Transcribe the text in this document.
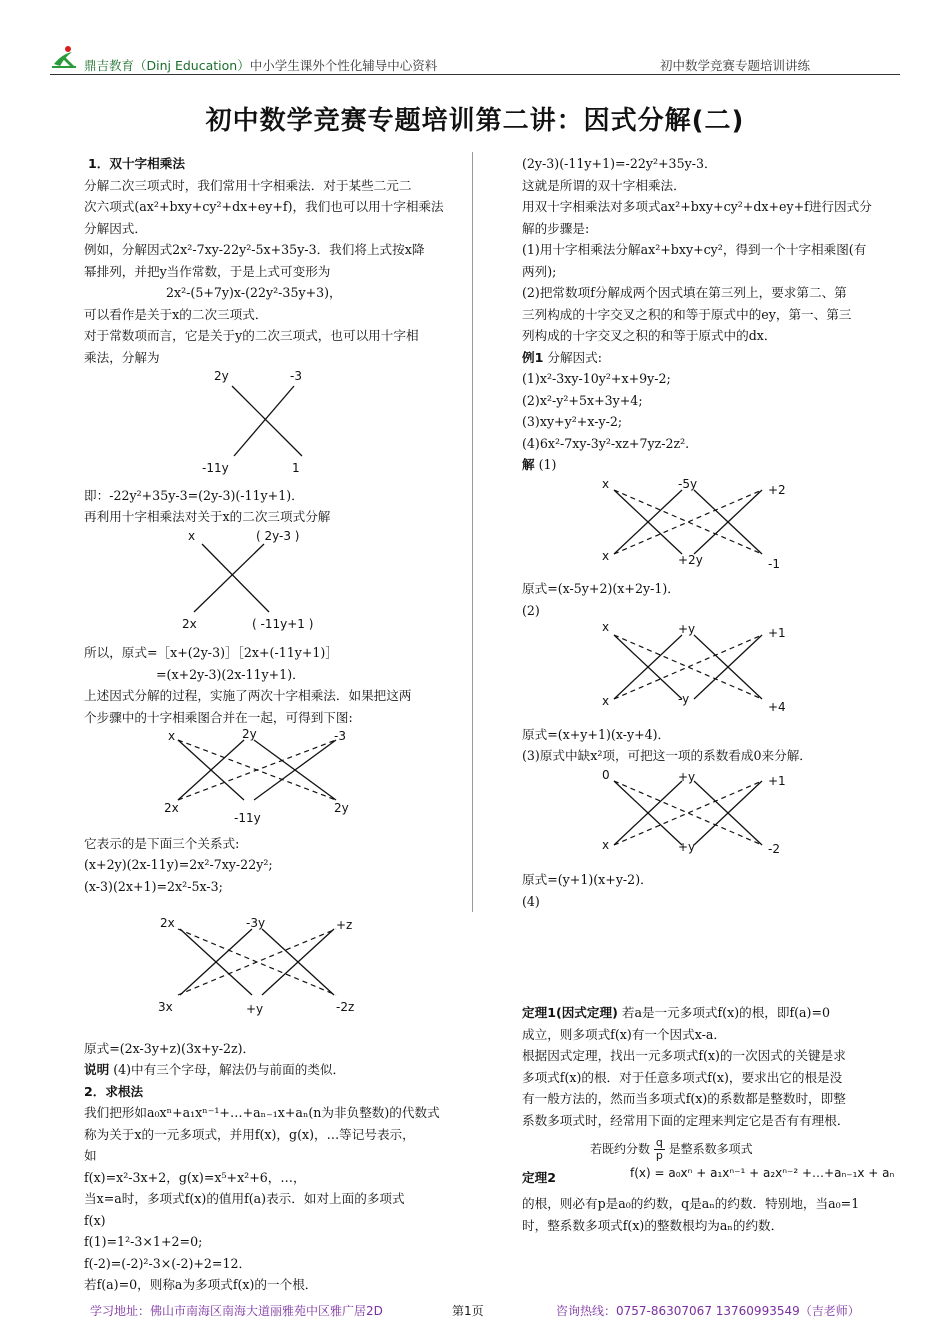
鼎吉教育（Dinj Education）中小学生课外个性化辅导中心资料	初中数学竞赛专题培训讲练
初中数学竞赛专题培训第二讲：因式分解(二)

1．双十字相乘法

分解二次三项式时，我们常用十字相乘法．对于某些二元二

次六项式(ax²+bxy+cy²+dx+ey+f)，我们也可以用十字相乘法

分解因式．

例如，分解因式2x²-7xy-22y²-5x+35y-3．我们将上式按x降

幂排列，并把y当作常数，于是上式可变形为

2x²-(5+7y)x-(22y²-35y+3)，

可以看作是关于x的二次三项式．

对于常数项而言，它是关于y的二次三项式，也可以用十字相

乘法，分解为

2y	-3
-11y	1

即：-22y²+35y-3=(2y-3)(-11y+1)．

再利用十字相乘法对关于x的二次三项式分解

x	( 2y-3 )
2x	( -11y+1 )

所以，原式=［x+(2y-3)］［2x+(-11y+1)］

=(x+2y-3)(2x-11y+1)．

上述因式分解的过程，实施了两次十字相乘法．如果把这两

个步骤中的十字相乘图合并在一起，可得到下图:

x	2y	-3
2x
-11y
2y

它表示的是下面三个关系式:

(x+2y)(2x-11y)=2x²-7xy-22y²;

(x-3)(2x+1)=2x²-5x-3;

2x	-3y	+z
3x	+y	-2z

原式=(2x-3y+z)(3x+y-2z)．

说明 (4)中有三个字母，解法仍与前面的类似．

2．求根法

我们把形如a₀xⁿ+a₁xⁿ⁻¹+…+aₙ₋₁x+aₙ(n为非负整数)的代数式

称为关于x的一元多项式，并用f(x)，g(x)，…等记号表示，

如

f(x)=x²-3x+2，g(x)=x⁵+x²+6，…，

当x=a时，多项式f(x)的值用f(a)表示．如对上面的多项式

f(x)

f(1)=1²-3×1+2=0;

f(-2)=(-2)²-3×(-2)+2=12．

若f(a)=0，则称a为多项式f(x)的一个根．

(2y-3)(-11y+1)=-22y²+35y-3．

这就是所谓的双十字相乘法．

用双十字相乘法对多项式ax²+bxy+cy²+dx+ey+f进行因式分

解的步骤是:

(1)用十字相乘法分解ax²+bxy+cy²，得到一个十字相乘图(有

两列);

(2)把常数项f分解成两个因式填在第三列上，要求第二、第

三列构成的十字交叉之积的和等于原式中的ey，第一、第三

列构成的十字交叉之积的和等于原式中的dx．

例1 分解因式:

(1)x²-3xy-10y²+x+9y-2;

(2)x²-y²+5x+3y+4;

(3)xy+y²+x-y-2;

(4)6x²-7xy-3y²-xz+7yz-2z².

解 (1)

x	-5y	+2
x	+2y	-1

原式=(x-5y+2)(x+2y-1)．

(2)

x	+y	+1
x	-y
+4

原式=(x+y+1)(x-y+4)．

(3)原式中缺x²项，可把这一项的系数看成0来分解．

0	+y	+1
x	+y	-2

原式=(y+1)(x+y-2)．

(4)

定理1(因式定理) 若a是一元多项式f(x)的根，即f(a)=0

成立，则多项式f(x)有一个因式x-a．

根据因式定理，找出一元多项式f(x)的一次因式的关键是求

多项式f(x)的根．对于任意多项式f(x)，要求出它的根是没

有一般方法的，然而当多项式f(x)的系数都是整数时，即整

系数多项式时，经常用下面的定理来判定它是否有有理根．

若既约分数 $\frac{q}{p}$ 是整系数多项式
定理2	f(x) = a₀xⁿ + a₁xⁿ⁻¹ + a₂xⁿ⁻² +…+aₙ₋₁x + aₙ

的根，则必有p是a₀的约数，q是aₙ的约数．特别地，当a₀=1

时，整系数多项式f(x)的整数根均为aₙ的约数．

学习地址：佛山市南海区南海大道丽雅苑中区雅广居2D	第1页	咨询热线：0757-86307067 13760993549（吉老师）
